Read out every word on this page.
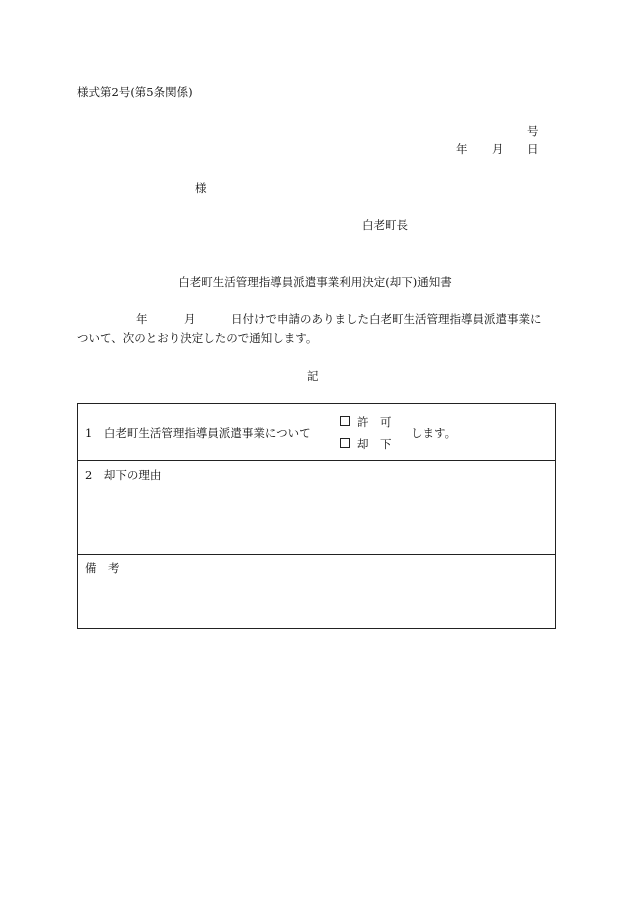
様式第2号(第5条関係)
号
年 月 日
様
白老町長
白老町生活管理指導員派遣事業利用決定(却下)通知書
年	月	日付けで申請のありました白老町生活管理指導員派遣事業に
ついて、次のとおり決定したので通知します。
記
1　白老町生活管理指導員派遣事業について
許　可
却　下
します。
2　却下の理由
備　考
